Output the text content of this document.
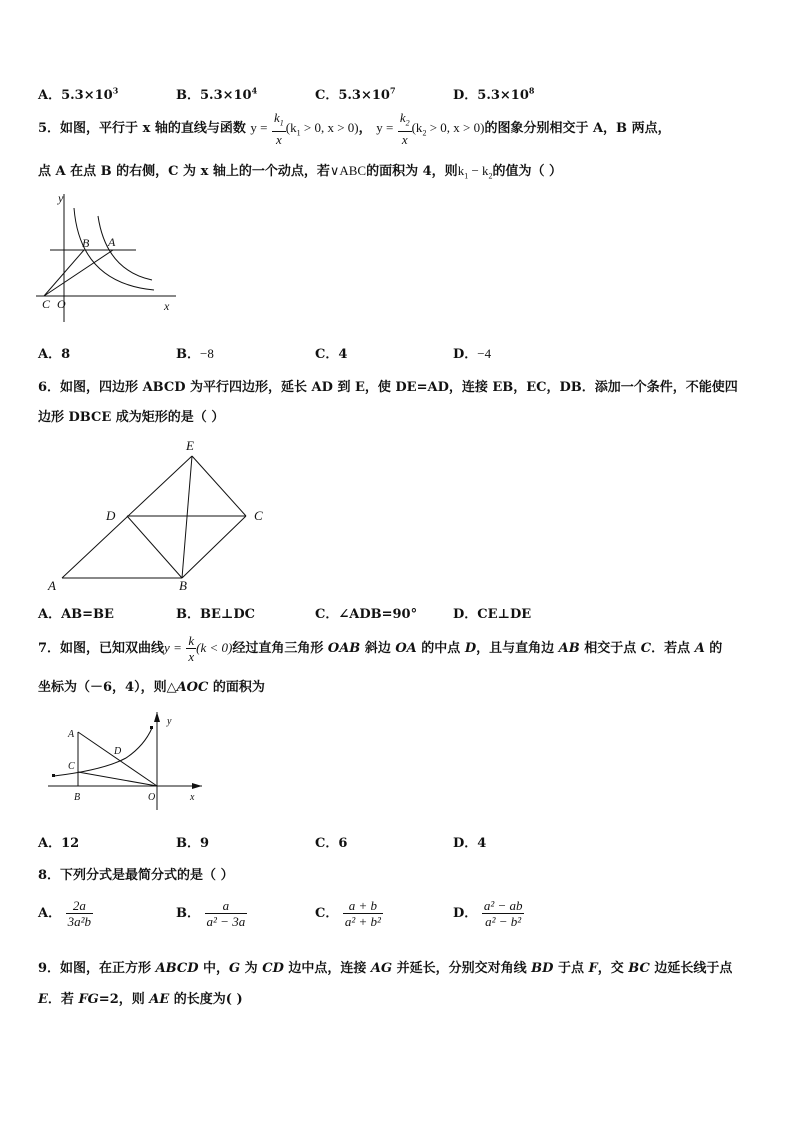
A．$5.3\times 10^3$	B．$5.3\times 10^4$	C．$5.3\times 10^7$	D．$5.3\times 10^8$
5．如图，平行于 x 轴的直线与函数 $y = \frac{k_1}{x} (k_1 > 0$, x > 0)， $y = \frac{k_2}{x} (k_2 > 0$, x > 0)的图象分别相交于 A，B 两点，
点 A 在点 B 的右侧，C 为 x 轴上的一个动点，若∨ABC的面积为 4，则$k_1 - k_2$的值为（ ）
y
B A
C O	x
A．8	B．−8	C．4	D．−4
6．如图，四边形 ABCD 为平行四边形，延长 AD 到 E，使 DE=AD，连接 EB，EC，DB．添加一个条件，不能使四
边形 DBCE 成为矩形的是（ ）
E
D	C
A	B
A．AB=BE	B．BE⊥DC	C．∠ADB=90°	D．CE⊥DE
7．如图，已知双曲线$y = \frac{k}{x} (k < 0)$经过直角三角形 OAB 斜边 OA 的中点 D，且与直角边 AB 相交于点 C．若点 A 的
坐标为（－6，4），则△AOC 的面积为
y
A
D
C
B	O	x
A．12	B．9	C．6	D．4
8．下列分式是最简分式的是（ ）
A． $\frac{2a}{\text{3a²b}}$	B． $\frac{a}{\text{a² − 3a}}$	C． $\frac{a + b}{\text{a² + b²}}$	D． $\frac{\text{a² − ab}}{\text{a² − b²}}$
9．如图，在正方形 ABCD 中，G 为 CD 边中点，连接 AG 并延长，分别交对角线 BD 于点 F，交 BC 边延长线于点
E．若 FG=2，则 AE 的长度为( )
